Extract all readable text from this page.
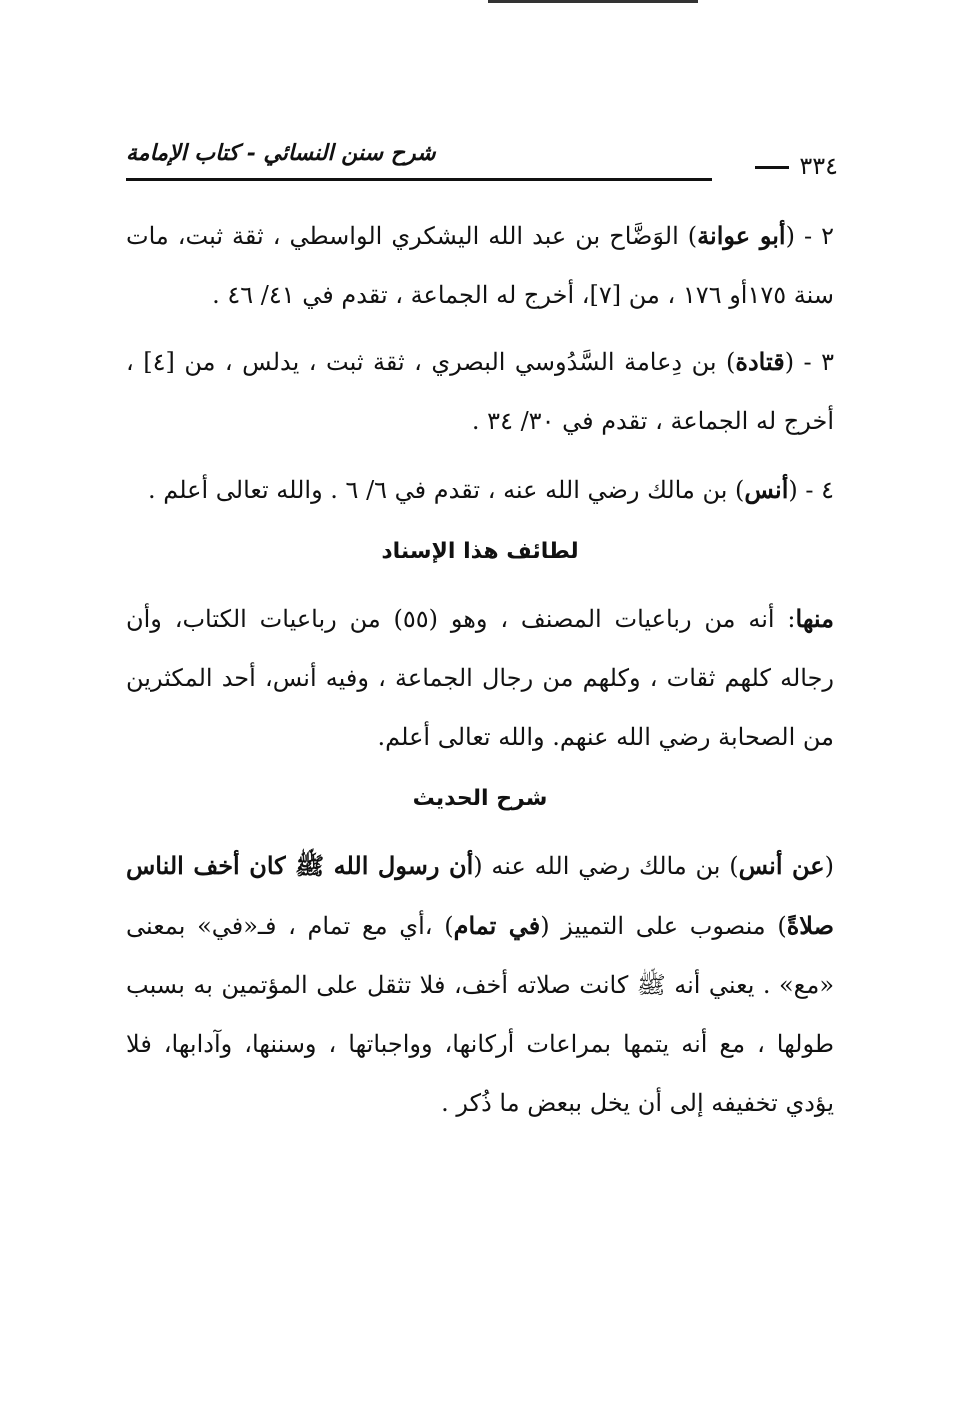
شرح سنن النسائي - كتاب الإمامة	٣٣٤

٢ - (أبو عوانة) الوَضَّاح بن عبد الله اليشكري الواسطي ، ثقة ثبت، مات سنة ١٧٥أو ١٧٦ ، من [٧]، أخرج له الجماعة ، تقدم في ٤١/ ٤٦ .

٣ - (قتادة) بن دِعامة السَّدُوسي البصري ، ثقة ثبت ، يدلس ، من [٤] ، أخرج له الجماعة ، تقدم في ٣٠/ ٣٤ .

٤ - (أنس) بن مالك رضي الله عنه ، تقدم في ٦/ ٦ . والله تعالى أعلم .

لطائف هذا الإسناد

منها: أنه من رباعيات المصنف ، وهو (٥٥) من رباعيات الكتاب، وأن رجاله كلهم ثقات ، وكلهم من رجال الجماعة ، وفيه أنس، أحد المكثرين من الصحابة رضي الله عنهم. والله تعالى أعلم.

شرح الحديث

(عن أنس) بن مالك رضي الله عنه (أن رسول الله ﷺ كان أخف الناس صلاةً) منصوب على التمييز (في تمام) ،أي مع تمام ، فـ«في» بمعنى «مع» . يعني أنه ﷺ كانت صلاته أخف، فلا تثقل على المؤتمين به بسبب طولها ، مع أنه يتمها بمراعات أركانها، وواجباتها ، وسننها، وآدابها، فلا يؤدي تخفيفه إلى أن يخل ببعض ما ذُكر .
